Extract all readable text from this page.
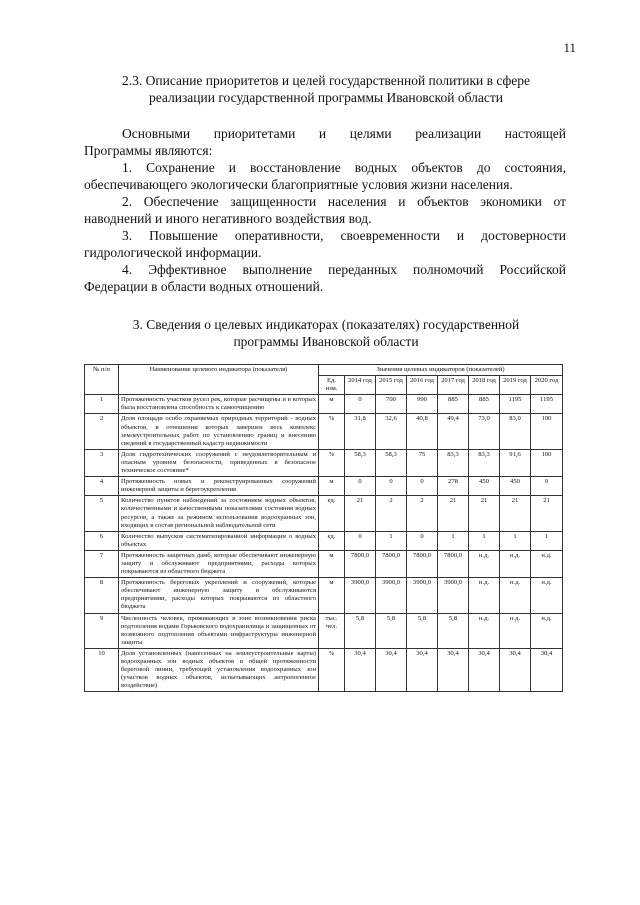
11
2.3. Описание приоритетов и целей государственной политики в сфере
реализации государственной программы Ивановской области
Основными приоритетами и целями реализации настоящей
Программы являются:
1. Сохранение и восстановление водных объектов до состояния,
обеспечивающего экологически благоприятные условия жизни населения.
2. Обеспечение защищенности населения и объектов экономики от
наводнений и иного негативного воздействия вод.
3. Повышение оперативности, своевременности и достоверности
гидрологической информации.
4. Эффективное выполнение переданных полномочий Российской
Федерации в области водных отношений.
3. Сведения о целевых индикаторах (показателях) государственной
программы Ивановской области
№ п/п	Наименование целевого индикатора (показателя)	Значения целевых индикаторов (показателей)							
		Ед. изм.	2014 год	2015 год	2016 год	2017 год	2018 год	2019 год	2020 год
1	Протяженность участков русел рек, которые расчищены и в которых была восстановлена способность к самоочищению	м	0	700	990	885	885	1195	1195
2	Доля площади особо охраняемых природных территорий - водных объектов, в отношении которых завершен весь комплекс землеустроительных работ по установлению границ и внесению сведений в государственный кадастр недвижимости	%	31,8	32,6	40,8	49,4	73,0	83,0	100
3	Доля гидротехнических сооружений с неудовлетворительным и опасным уровнем безопасности, приведенных в безопасное техническое состояние*	%	58,3	58,3	75	83,3	83,3	91,6	100
4	Протяженность новых и реконструированных сооружений инженерной защиты и берегоукрепления	м	0	0	0	278	450	450	0
5	Количество пунктов наблюдений за состоянием водных объектов, количественными и качественными показателями состояния водных ресурсов, а также за режимом использования водоохранных зон, входящих в состав региональной наблюдательной сети	ед.	21	2	2	21	21	21	21
6	Количество выпусков систематизированной информации о водных объектах	ед.	0	1	0	1	1	1	1
7	Протяженность защитных дамб, которые обеспечивают инженерную защиту и обслуживают предприятиями, расходы которых покрываются из областного бюджета	м	7800,0	7800,0	7800,0	7800,0	н.д.	н.д.	н.д.
8	Протяженность береговых укреплений и сооружений, которые обеспечивают инженерную защиту и обслуживаются предприятиями, расходы которых покрываются из областного бюджета	м	3900,0	3900,0	3900,0	3900,0	н.д.	н.д.	н.д.
9	Численность человек, проживающих в зоне возникновения риска подтопления водами Горьковского водохранилища и защищенных от возможного подтопления объектами инфраструктуры инженерной защиты	тыс. чел.	5,8	5,8	5,8	5,8	н.д.	н.д.	н.д.
10	Доля установленных (нанесенных на землеустроительные карты) водоохранных зон водных объектов в общей протяженности береговой линии, требующей установления водоохранных зон (участков водных объектов, испытывающих антропогенное воздействие)	%	30,4	30,4	30,4	30,4	30,4	30,4	30,4
